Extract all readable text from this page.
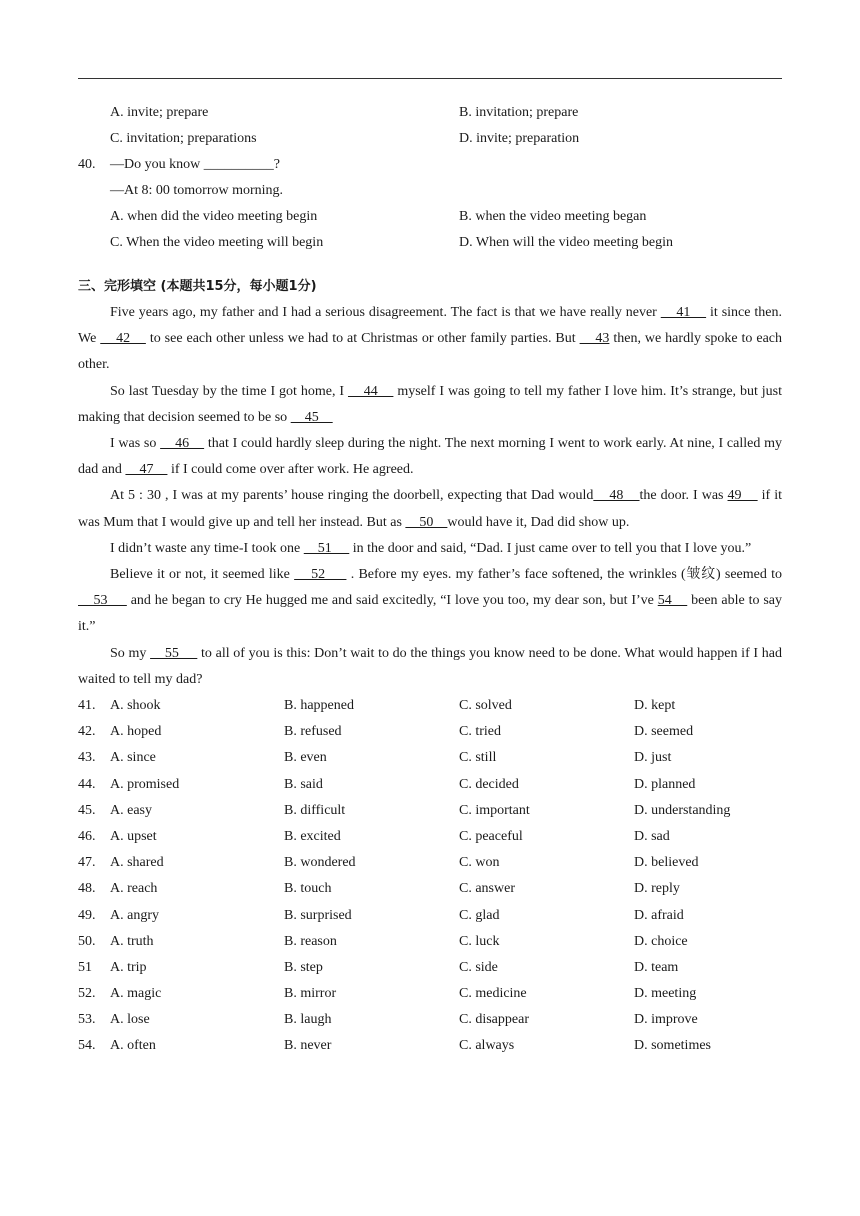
A. invite; prepare	B. invitation; prepare
C. invitation; preparations	D. invite; preparation
40. —Do you know __________?
—At 8: 00 tomorrow morning.
A. when did the video meeting begin	B. when the video meeting began
C. When the video meeting will begin	D. When will the video meeting begin
三、完形填空 (本题共15分，每小题1分)

Five years ago, my father and I had a serious disagreement. The fact is that we have really never     41     it since then. We     42     to see each other unless we had to at Christmas or other family parties. But     43 then, we hardly spoke to each other.

So last Tuesday by the time I got home, I     44     myself I was going to tell my father I love him. It’s strange, but just making that decision seemed to be so     45

I was so     46     that I could hardly sleep during the night. The next morning I went to work early. At nine, I called my dad and     47     if I could come over after work. He agreed.

At 5 : 30 , I was at my parents’ house ringing the doorbell, expecting that Dad would    48    the door. I was 49     if it was Mum that I would give up and tell her instead. But as     50    would have it, Dad did show up.

I didn’t waste any time-I took one     51      in the door and said, “Dad. I just came over to tell you that I love you.”

Believe it or not, it seemed like     52      . Before my eyes. my father’s face softened, the wrinkles (皱纹) seemed to     53      and he began to cry He hugged me and said excitedly, “I love you too, my dear son, but I’ve 54     been able to say it.”

So my     55      to all of you is this: Don’t wait to do the things you know need to be done. What would happen if I had waited to tell my dad?

41. A. shook	B. happened	C. solved	D. kept
42. A. hoped	B. refused	C. tried	D. seemed
43. A. since	B. even	C. still	D. just
44. A. promised	B. said	C. decided	D. planned
45. A. easy	B. difficult	C. important	D. understanding
46. A. upset	B. excited	C. peaceful	D. sad
47. A. shared	B. wondered	C. won	D. believed
48. A. reach	B. touch	C. answer	D. reply
49. A. angry	B. surprised	C. glad	D. afraid
50. A. truth	B. reason	C. luck	D. choice
51 A. trip	B. step	C. side	D. team
52. A. magic	B. mirror	C. medicine	D. meeting
53. A. lose	B. laugh	C. disappear	D. improve
54. A. often	B. never	C. always	D. sometimes
